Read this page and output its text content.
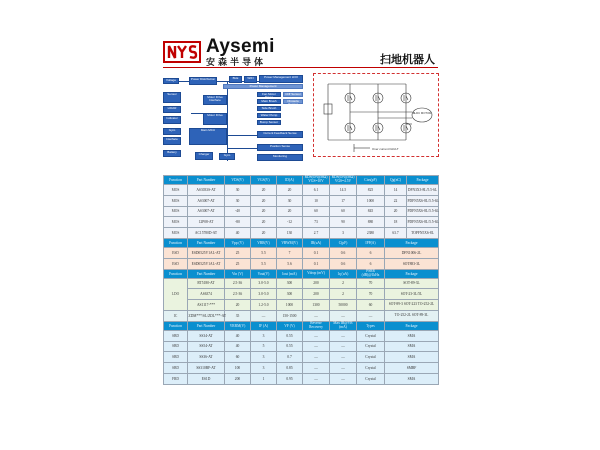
Aysemi
安森半导体	扫地机器人
Voltage	Power Distribution	BLE	WIFI	Power Management LDO
Power Management
Sensor
LIDAR
Indicator
Gyro
Interface
Battery
Motor Drive Interface
Motor Drive
Main MCU
Charger	Gyro
Fan Motor Driver
Main Brush
Side Brush
Water Pump
Bump Sensor
Cliff Sensor
Obstacle Sensor
Current Feedback Sense
Position Sense
Monitoring
BLDC MOTOR
Over current FAULT
Function	Part Number	VDS(V)	VGS(V)	ID(A)	RDS(ON)(MΩ) VGS=10V	RDS(ON)(MΩ) VGS=4.5V	Ciss(pF)	Qg(nC)	Package
MOS	AS3033S-AT	30	20	20	6.1	14.5	825	14	DFN3X3-8L/5.5-6L
MOS	AS3007-AT	30	20	30	10	17	1000	22	PDFN5X6-8L/5.5-6L
MOS	AS3007-AT	-40	20	20	60	60	845	20	PDFN5X6-8L/5.5-6L
MOS	12P08-AT	-80	20	-12	73	90	880	18	PDFN5X6-8L/5.5-6L
MOS	AC15780D-AT	40	20	130	2.7	3	2380	63.7	TOPFN5X6-8L
Function	Part Number	Vpp (V)	VBR(V)	VRWM(V)	IR(uA)	C(pF)	IPP(A)	Package	
ESD	ESD0525V1AL-AT	25	5.5	7	0.1	0.6	6	DFN1006-2L	
ESD	ESD0525V1AL-AT	25	5.5	5.6	0.1	0.6	6	SOT883-3L	
Function	Part Number	Vin (V)	Vout(V)	Iout (mA)	Vdrop (mV)	Iq (uA)	PSRR (dB)@1kHz	Package	
LDO	RT5180-AT	2.5-36	3.0-5.0	300	200	2	70	SOT-89-3L	
	AS6374	2.5-36	3.0-5.0	300	200	2	70	SOT-23-3L/5L	
	AS1117-***	20	1.2-5.0	1000	1300	50000	60	SOT-89-3 SOT-223 TO-252-2L	
IC	ZDM***/SL/ZDL***-AT	35	—	150-1500	—	—	—	TO-252-2L SOT-89-3L	
Function	Part Number	VRRM(V)	IF (A)	VF (V)	Reverse Recovery	Max IR@VR (mA)	Types	Package	
SBD	SS34-AT	40	3	0.55	—	—	Crystal	SMA	
SBD	SS54-AT	40	5	0.55	—	—	Crystal	SMA	
SBD	SS36-AT	60	3	0.7	—	—	Crystal	SMA	
SBD	SS310BF-AT	100	3	0.85	—	—	Crystal	SMBF	
FRD	ES1D	200	1	0.95	—	—	Crystal	SMA	
